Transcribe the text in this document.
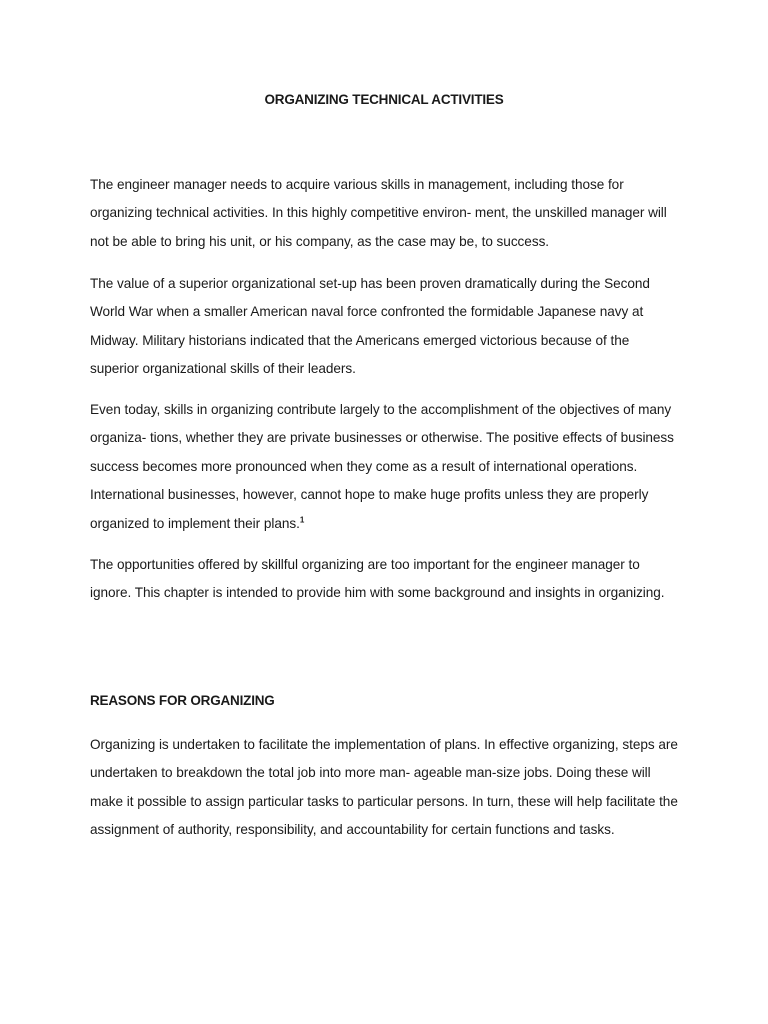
ORGANIZING TECHNICAL ACTIVITIES

The engineer manager needs to acquire various skills in management, including those for organizing technical activities. In this highly competitive environ- ment, the unskilled manager will not be able to bring his unit, or his company, as the case may be, to success.

The value of a superior organizational set-up has been proven dramatically during the Second World War when a smaller American naval force confronted the formidable Japanese navy at Midway. Military historians indicated that the Americans emerged victorious because of the superior organizational skills of their leaders.

Even today, skills in organizing contribute largely to the accomplishment of the objectives of many organiza- tions, whether they are private businesses or otherwise. The positive effects of business success becomes more pronounced when they come as a result of international operations. International businesses, however, cannot hope to make huge profits unless they are properly organized to implement their plans.$^1$

The opportunities offered by skillful organizing are too important for the engineer manager to ignore. This chapter is intended to provide him with some background and insights in organizing.

REASONS FOR ORGANIZING

Organizing is undertaken to facilitate the implementation of plans. In effective organizing, steps are undertaken to breakdown the total job into more man- ageable man-size jobs. Doing these will make it possible to assign particular tasks to particular persons. In turn, these will help facilitate the assignment of authority, responsibility, and accountability for certain functions and tasks.
